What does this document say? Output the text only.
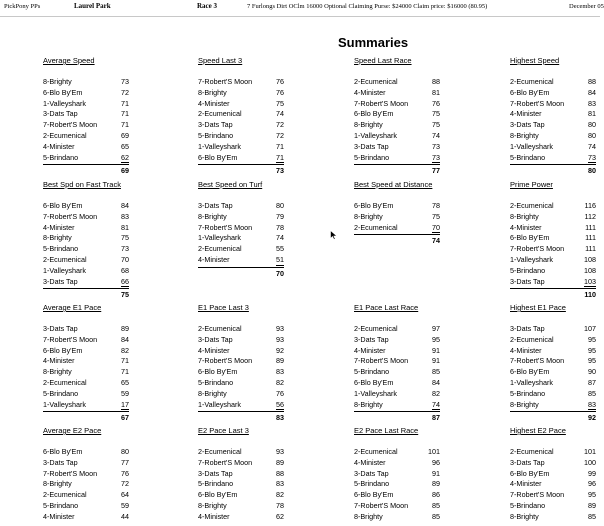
PickPony PPs	Laurel Park	Race 3	7 Furlongs Dirt OClm 16000 Optional Claiming Purse: $24000 Claim price: $16000 (80.95)	December 05
Summaries
Average Speed
8-Brighty	73
6-Blo By'Em	72
1-Valleyshark	71
3-Dats Tap	71
7-Robert'S Moon	71
2-Ecumenical	69
4-Minister	65
5-Brindano	62
69
Speed Last 3
7-Robert'S Moon	76
8-Brighty	76
4-Minister	75
2-Ecumenical	74
3-Dats Tap	72
5-Brindano	72
1-Valleyshark	71
6-Blo By'Em	71
73
Speed Last Race
2-Ecumenical	88
4-Minister	81
7-Robert'S Moon	76
6-Blo By'Em	75
8-Brighty	75
1-Valleyshark	74
3-Dats Tap	73
5-Brindano	73
77
Highest Speed
2-Ecumenical	88
6-Blo By'Em	84
7-Robert'S Moon	83
4-Minister	81
3-Dats Tap	80
8-Brighty	80
1-Valleyshark	74
5-Brindano	73
80
Best Spd on Fast Track
6-Blo By'Em	84
7-Robert'S Moon	83
4-Minister	81
8-Brighty	75
5-Brindano	73
2-Ecumenical	70
1-Valleyshark	68
3-Dats Tap	66
75
Best Speed on Turf
3-Dats Tap	80
8-Brighty	79
7-Robert'S Moon	78
1-Valleyshark	74
2-Ecumenical	55
4-Minister	51
70
Best Speed at Distance
6-Blo By'Em	78
8-Brighty	75
2-Ecumenical	70
74
Prime Power
2-Ecumenical	116
8-Brighty	112
4-Minister	111
6-Blo By'Em	111
7-Robert'S Moon	111
1-Valleyshark	108
5-Brindano	108
3-Dats Tap	103
110
Average E1 Pace
3-Dats Tap	89
7-Robert'S Moon	84
6-Blo By'Em	82
4-Minister	71
8-Brighty	71
2-Ecumenical	65
5-Brindano	59
1-Valleyshark	17
67
E1 Pace Last 3
2-Ecumenical	93
3-Dats Tap	93
4-Minister	92
7-Robert'S Moon	89
6-Blo By'Em	83
5-Brindano	82
8-Brighty	76
1-Valleyshark	56
83
E1 Pace Last Race
2-Ecumenical	97
3-Dats Tap	95
4-Minister	91
7-Robert'S Moon	91
5-Brindano	85
6-Blo By'Em	84
1-Valleyshark	82
8-Brighty	74
87
Highest E1 Pace
3-Dats Tap	107
2-Ecumenical	95
4-Minister	95
7-Robert'S Moon	95
6-Blo By'Em	90
1-Valleyshark	87
5-Brindano	85
8-Brighty	83
92
Average E2 Pace
6-Blo By'Em	80
3-Dats Tap	77
7-Robert'S Moon	76
8-Brighty	72
2-Ecumenical	64
5-Brindano	59
4-Minister	44
E2 Pace Last 3
2-Ecumenical	93
7-Robert'S Moon	89
3-Dats Tap	88
5-Brindano	83
6-Blo By'Em	82
8-Brighty	78
4-Minister	62
E2 Pace Last Race
2-Ecumenical	101
4-Minister	96
3-Dats Tap	91
5-Brindano	89
6-Blo By'Em	86
7-Robert'S Moon	85
8-Brighty	85
Highest E2 Pace
2-Ecumenical	101
3-Dats Tap	100
6-Blo By'Em	99
4-Minister	96
7-Robert'S Moon	95
5-Brindano	89
8-Brighty	85
